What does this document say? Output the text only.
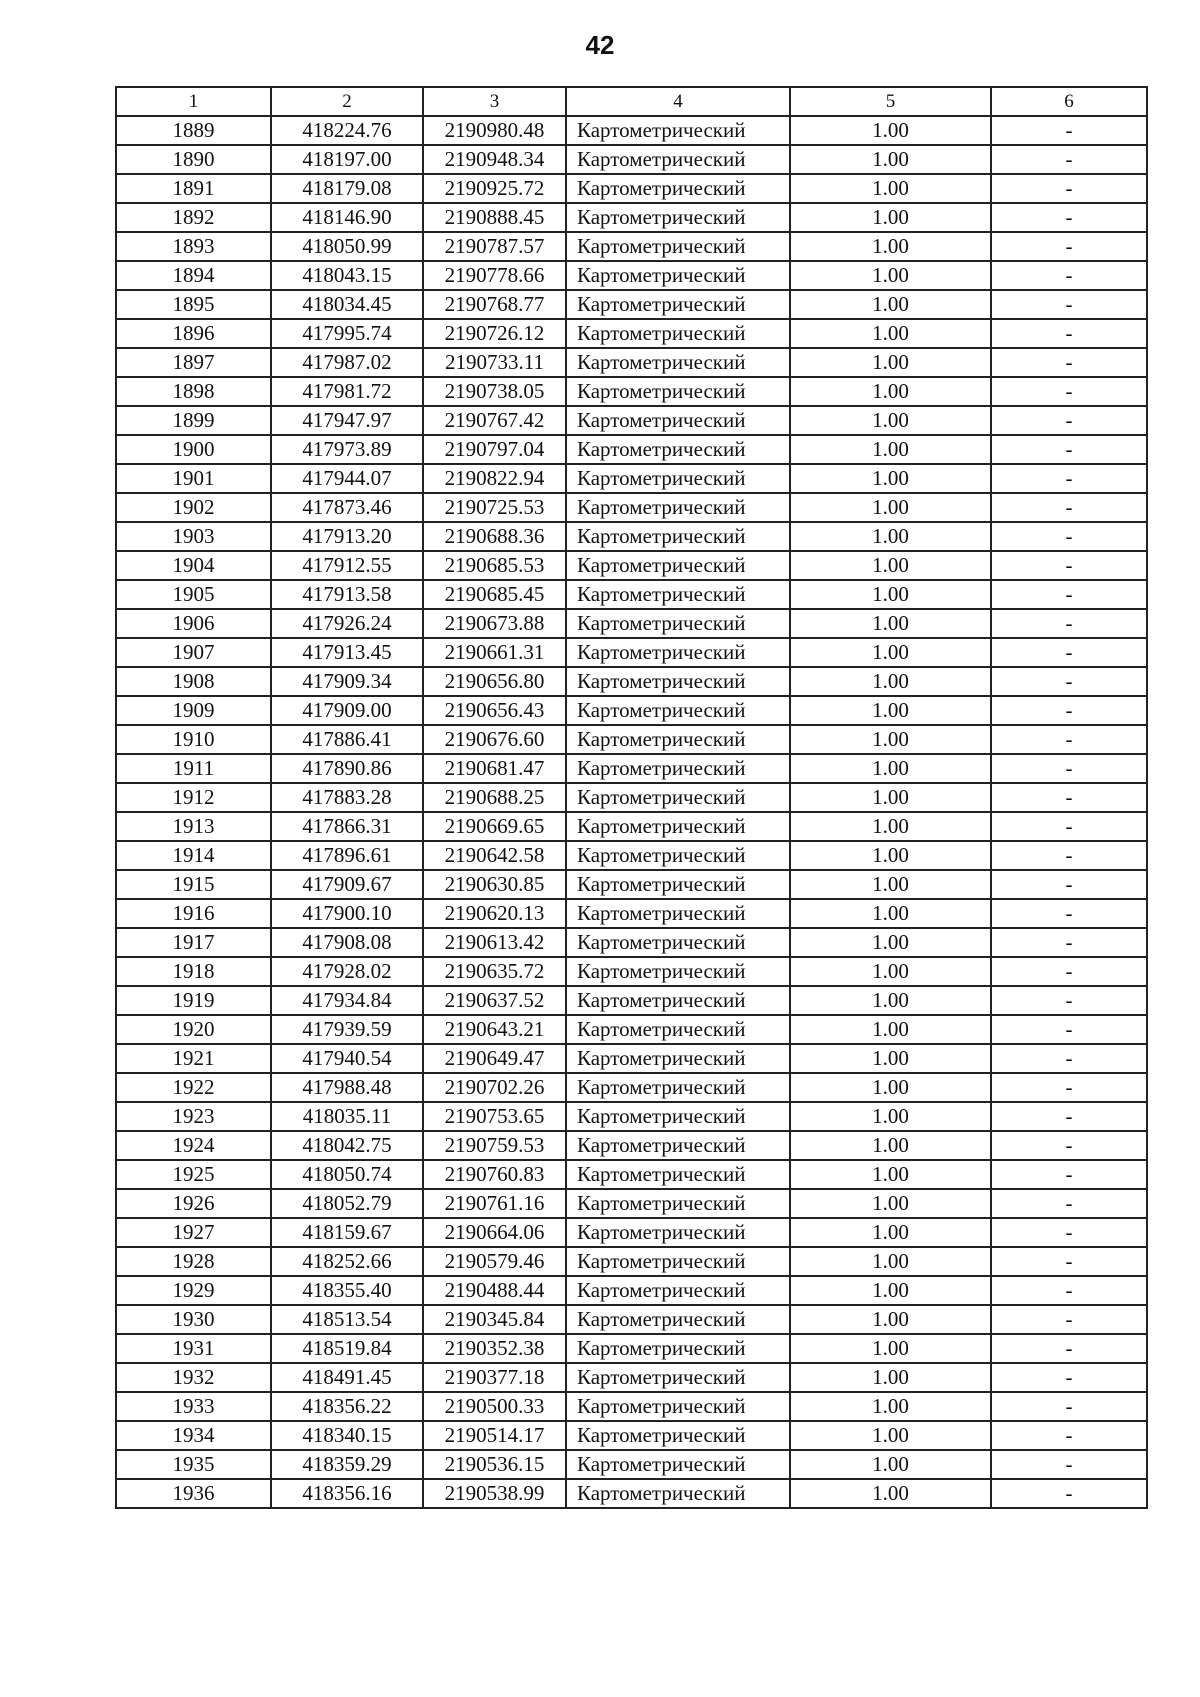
42
1	2	3	4	5	6
1889	418224.76	2190980.48	Картометрический	1.00	-
1890	418197.00	2190948.34	Картометрический	1.00	-
1891	418179.08	2190925.72	Картометрический	1.00	-
1892	418146.90	2190888.45	Картометрический	1.00	-
1893	418050.99	2190787.57	Картометрический	1.00	-
1894	418043.15	2190778.66	Картометрический	1.00	-
1895	418034.45	2190768.77	Картометрический	1.00	-
1896	417995.74	2190726.12	Картометрический	1.00	-
1897	417987.02	2190733.11	Картометрический	1.00	-
1898	417981.72	2190738.05	Картометрический	1.00	-
1899	417947.97	2190767.42	Картометрический	1.00	-
1900	417973.89	2190797.04	Картометрический	1.00	-
1901	417944.07	2190822.94	Картометрический	1.00	-
1902	417873.46	2190725.53	Картометрический	1.00	-
1903	417913.20	2190688.36	Картометрический	1.00	-
1904	417912.55	2190685.53	Картометрический	1.00	-
1905	417913.58	2190685.45	Картометрический	1.00	-
1906	417926.24	2190673.88	Картометрический	1.00	-
1907	417913.45	2190661.31	Картометрический	1.00	-
1908	417909.34	2190656.80	Картометрический	1.00	-
1909	417909.00	2190656.43	Картометрический	1.00	-
1910	417886.41	2190676.60	Картометрический	1.00	-
1911	417890.86	2190681.47	Картометрический	1.00	-
1912	417883.28	2190688.25	Картометрический	1.00	-
1913	417866.31	2190669.65	Картометрический	1.00	-
1914	417896.61	2190642.58	Картометрический	1.00	-
1915	417909.67	2190630.85	Картометрический	1.00	-
1916	417900.10	2190620.13	Картометрический	1.00	-
1917	417908.08	2190613.42	Картометрический	1.00	-
1918	417928.02	2190635.72	Картометрический	1.00	-
1919	417934.84	2190637.52	Картометрический	1.00	-
1920	417939.59	2190643.21	Картометрический	1.00	-
1921	417940.54	2190649.47	Картометрический	1.00	-
1922	417988.48	2190702.26	Картометрический	1.00	-
1923	418035.11	2190753.65	Картометрический	1.00	-
1924	418042.75	2190759.53	Картометрический	1.00	-
1925	418050.74	2190760.83	Картометрический	1.00	-
1926	418052.79	2190761.16	Картометрический	1.00	-
1927	418159.67	2190664.06	Картометрический	1.00	-
1928	418252.66	2190579.46	Картометрический	1.00	-
1929	418355.40	2190488.44	Картометрический	1.00	-
1930	418513.54	2190345.84	Картометрический	1.00	-
1931	418519.84	2190352.38	Картометрический	1.00	-
1932	418491.45	2190377.18	Картометрический	1.00	-
1933	418356.22	2190500.33	Картометрический	1.00	-
1934	418340.15	2190514.17	Картометрический	1.00	-
1935	418359.29	2190536.15	Картометрический	1.00	-
1936	418356.16	2190538.99	Картометрический	1.00	-
